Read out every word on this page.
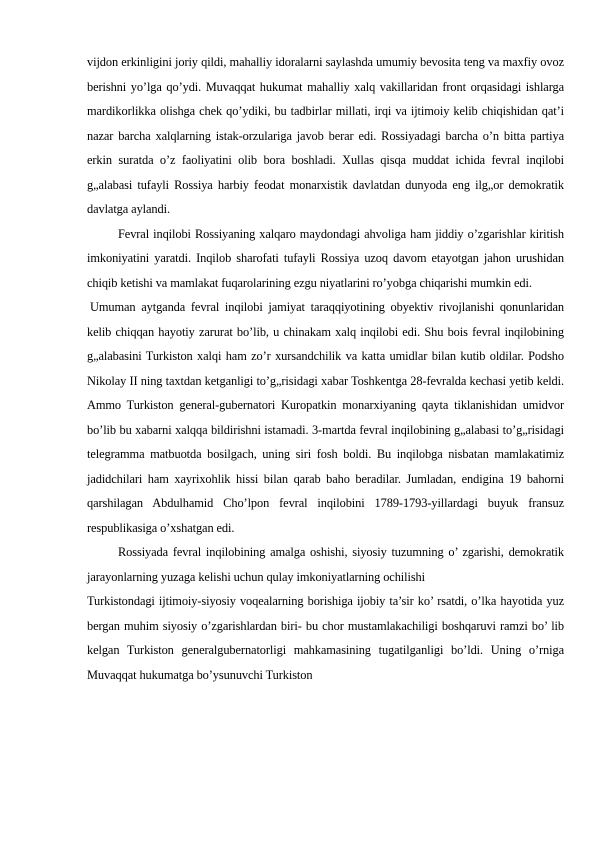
vijdon erkinligini joriy qildi, mahalliy idoralarni saylashda umumiy bevosita teng va maxfiy ovoz berishni yo’lga qo’ydi. Muvaqqat hukumat mahalliy xalq vakillaridan front orqasidagi ishlarga mardikorlikka olishga chek qo’ydiki, bu tadbirlar millati, irqi va ijtimoiy kelib chiqishidan qat’i nazar barcha xalqlarning istak-orzulariga javob berar edi. Rossiyadagi barcha o’n bitta partiya erkin suratda o’z faoliyatini olib bora boshladi. Xullas qisqa muddat ichida fevral inqilobi g„alabasi tufayli Rossiya harbiy feodat monarxistik davlatdan dunyoda eng ilg„or demokratik davlatga aylandi.

Fevral inqilobi Rossiyaning xalqaro maydondagi ahvoliga ham jiddiy o’zgarishlar kiritish imkoniyatini yaratdi. Inqilob sharofati tufayli Rossiya uzoq davom etayotgan jahon urushidan chiqib ketishi va mamlakat fuqarolarining ezgu niyatlarini ro’yobga chiqarishi mumkin edi.

Umuman aytganda fevral inqilobi jamiyat taraqqiyotining obyektiv rivojlanishi qonunlaridan kelib chiqqan hayotiy zarurat bo’lib, u chinakam xalq inqilobi edi. Shu bois fevral inqilobining g„alabasini Turkiston xalqi ham zo’r xursandchilik va katta umidlar bilan kutib oldilar. Podsho Nikolay II ning taxtdan ketganligi to’g„risidagi xabar Toshkentga 28-fevralda kechasi yetib keldi. Ammo Turkiston general-gubernatori Kuropatkin monarxiyaning qayta tiklanishidan umidvor bo’lib bu xabarni xalqqa bildirishni istamadi. 3-martda fevral inqilobining g„alabasi to’g„risidagi telegramma matbuotda bosilgach, uning siri fosh boldi. Bu inqilobga nisbatan mamlakatimiz jadidchilari ham xayrixohlik hissi bilan qarab baho beradilar. Jumladan, endigina 19 bahorni qarshilagan Abdulhamid Cho’lpon fevral inqilobini 1789-1793-yillardagi buyuk fransuz respublikasiga o’xshatgan edi.

Rossiyada fevral inqilobining amalga oshishi, siyosiy tuzumning o’ zgarishi, demokratik jarayonlarning yuzaga kelishi uchun qulay imkoniyatlarning ochilishi

Turkistondagi ijtimoiy-siyosiy voqealarning borishiga ijobiy ta’sir ko’ rsatdi, o’lka hayotida yuz bergan muhim siyosiy o’zgarishlardan biri- bu chor mustamlakachiligi boshqaruvi ramzi bo’ lib kelgan Turkiston generalgubernatorligi mahkamasining tugatilganligi bo’ldi. Uning o’rniga Muvaqqat hukumatga bo’ysunuvchi Turkiston
